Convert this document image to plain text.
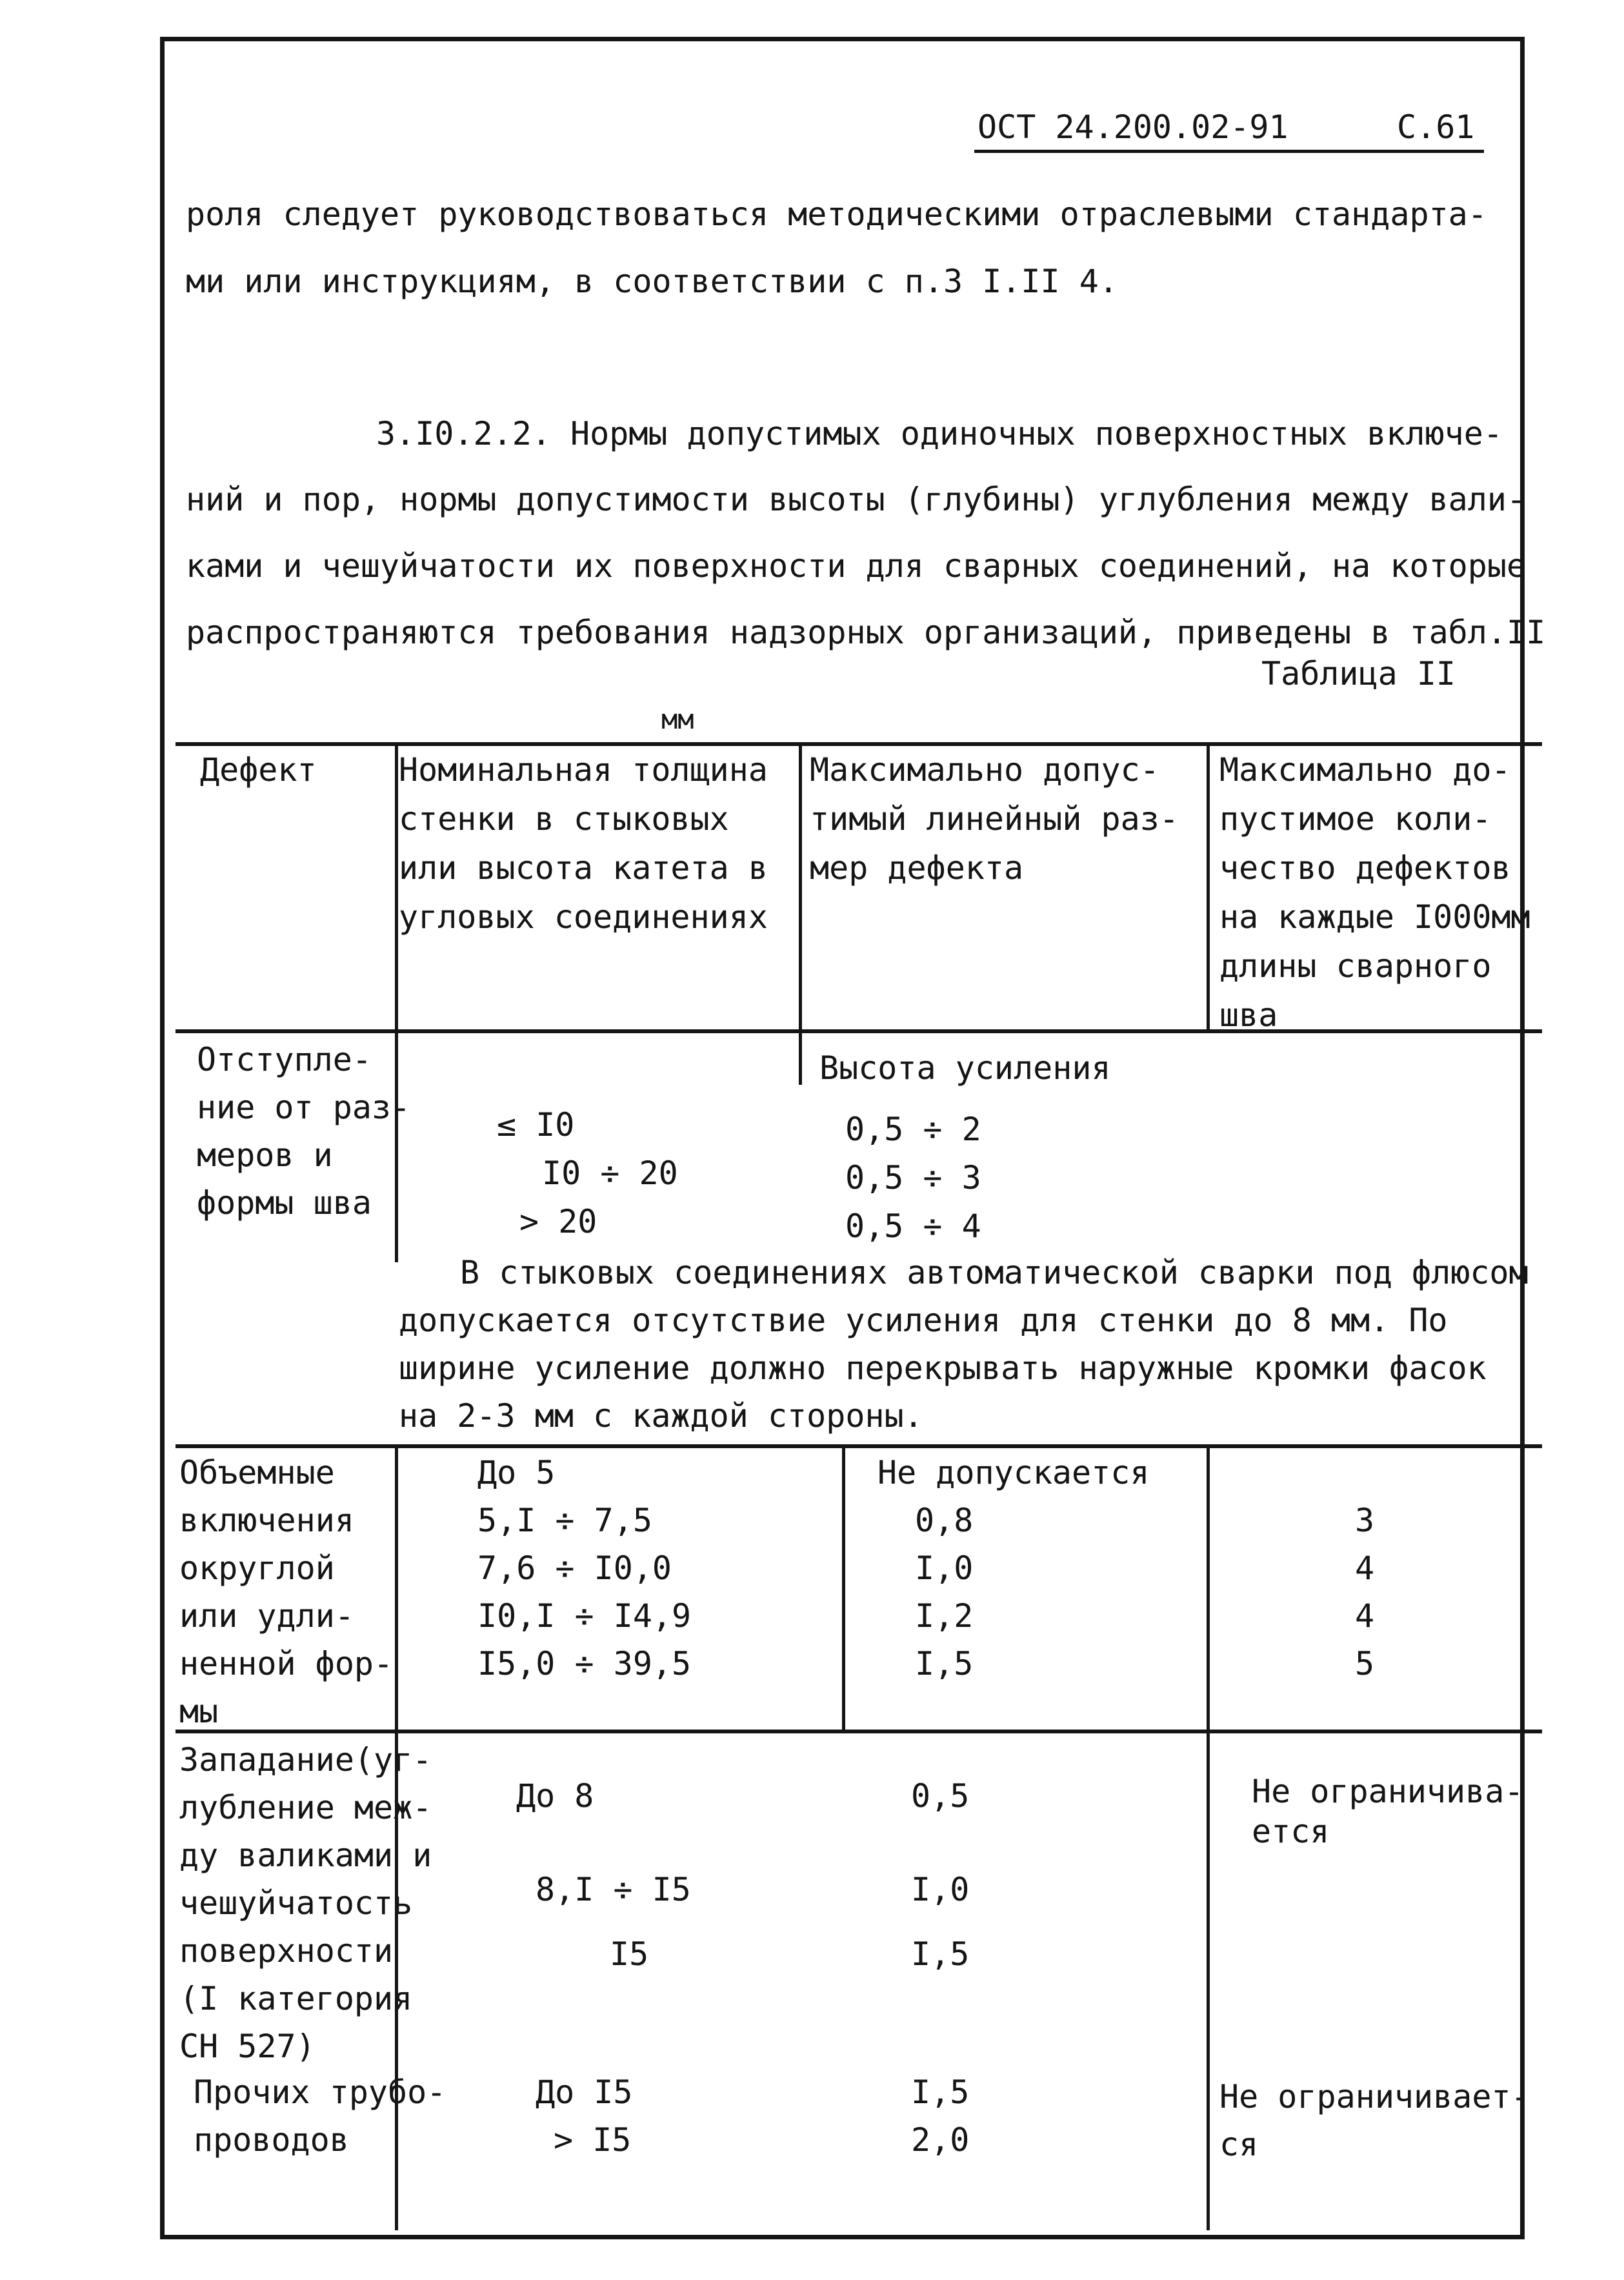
ОСТ 24.200.02-91	С.61
роля следует руководствоваться методическими отраслевыми стандарта-
ми или инструкциям, в соответствии с п.3 I.II 4.
3.I0.2.2. Нормы допустимых одиночных поверхностных включе-
ний и пор, нормы допустимости высоты (глубины) углубления между вали-
ками и чешуйчатости их поверхности для сварных соединений, на которые
распространяются требования надзорных организаций, приведены в табл.II
Таблица II
мм
Дефект	Номинальная толщина
стенки в стыковых
или высота катета в
угловых соединениях
Максимально допус-
тимый линейный раз-
мер дефекта
Максимально до-
пустимое коли-
чество дефектов
на каждые I000мм
длины сварного
шва
Отступле-
ние от раз-
меров и
формы шва
Высота усиления
≤ I0
I0 ÷ 20
> 20
0,5 ÷ 2
0,5 ÷ 3
0,5 ÷ 4
В стыковых соединениях автоматической сварки под флюсом
допускается отсутствие усиления для стенки до 8 мм. По
ширине усиление должно перекрывать наружные кромки фасок
на 2-3 мм с каждой стороны.
Объемные
включения
округлой
или удли-
ненной фор-
мы
До 5
5,I ÷ 7,5
7,6 ÷ I0,0
I0,I ÷ I4,9
I5,0 ÷ 39,5
Не допускается
0,8
I,0
I,2
I,5
3
4
4
5
Западание(уг-
лубление меж-
ду валиками и
чешуйчатость
поверхности
(I категория
СН 527)
До 8
8,I ÷ I5
I5
0,5
I,0
I,5
Не ограничива-
ется
Прочих трубо-
проводов
До I5
> I5
I,5
2,0
Не ограничивает-
ся
